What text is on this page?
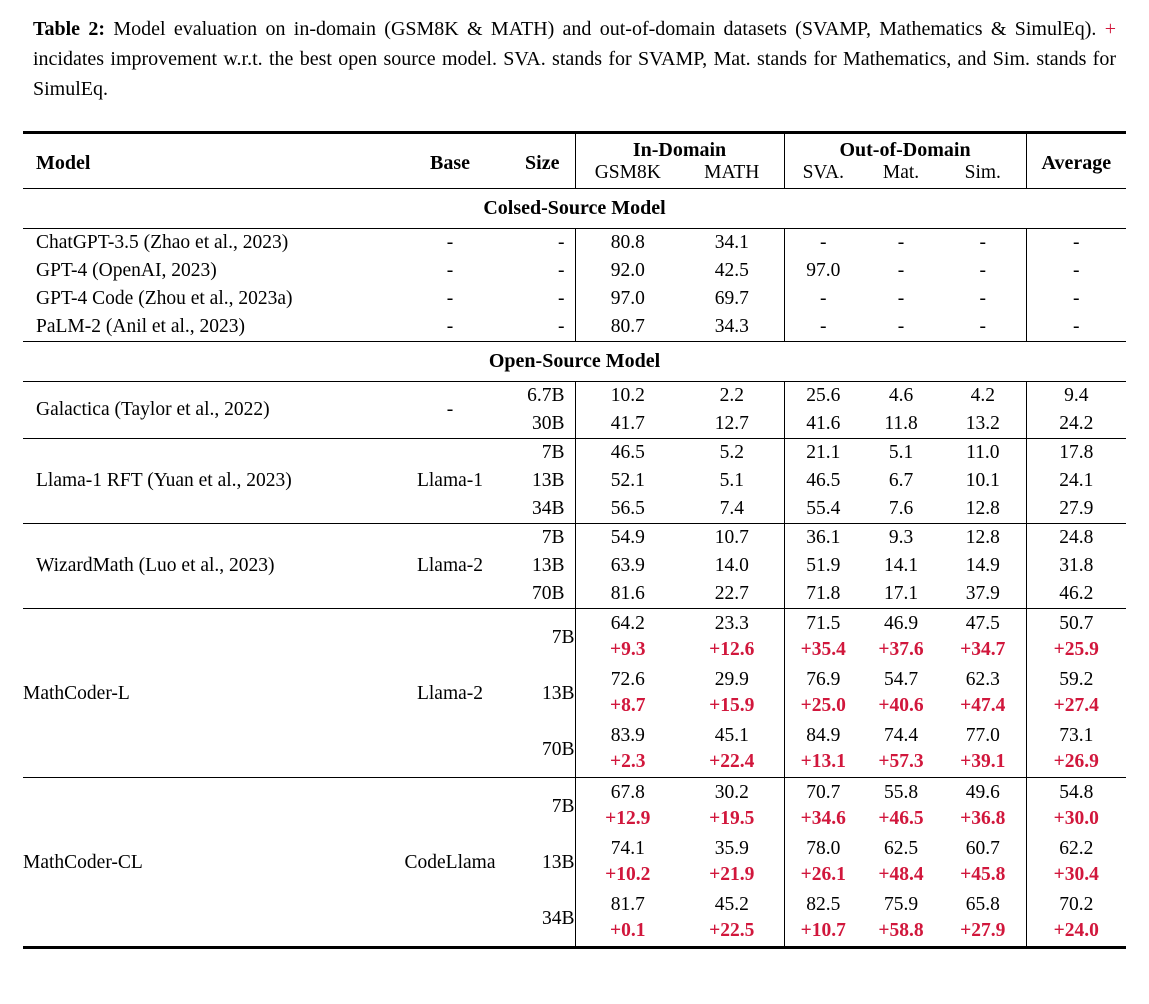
Table 2: Model evaluation on in-domain (GSM8K & MATH) and out-of-domain datasets (SVAMP, Mathematics & SimulEq). + incidates improvement w.r.t. the best open source model. SVA. stands for SVAMP, Mat. stands for Mathematics, and Sim. stands for SimulEq.

Model	Base	Size	In-Domain		Out-of-Domain			Average
			GSM8K	MATH	SVA.	Mat.	Sim.	
Colsed-Source Model								
ChatGPT-3.5 (Zhao et al., 2023)	-	-	80.8	34.1	-	-	-	-
GPT-4 (OpenAI, 2023)	-	-	92.0	42.5	97.0	-	-	-
GPT-4 Code (Zhou et al., 2023a)	-	-	97.0	69.7	-	-	-	-
PaLM-2 (Anil et al., 2023)	-	-	80.7	34.3	-	-	-	-
Open-Source Model								
Galactica (Taylor et al., 2022)	-	6.7B	10.2	2.2	25.6	4.6	4.2	9.4
		30B	41.7	12.7	41.6	11.8	13.2	24.2
Llama-1 RFT (Yuan et al., 2023)	Llama-1	7B	46.5	5.2	21.1	5.1	11.0	17.8
		13B	52.1	5.1	46.5	6.7	10.1	24.1
		34B	56.5	7.4	55.4	7.6	12.8	27.9
WizardMath (Luo et al., 2023)	Llama-2	7B	54.9	10.7	36.1	9.3	12.8	24.8
		13B	63.9	14.0	51.9	14.1	14.9	31.8
		70B	81.6	22.7	71.8	17.1	37.9	46.2
MathCoder-L	Llama-2	7B	64.2	23.3	71.5	46.9	47.5	50.7
			+9.3	+12.6	+35.4	+37.6	+34.7	+25.9
		13B	72.6	29.9	76.9	54.7	62.3	59.2
			+8.7	+15.9	+25.0	+40.6	+47.4	+27.4
		70B	83.9	45.1	84.9	74.4	77.0	73.1
			+2.3	+22.4	+13.1	+57.3	+39.1	+26.9
MathCoder-CL	CodeLlama	7B	67.8	30.2	70.7	55.8	49.6	54.8
			+12.9	+19.5	+34.6	+46.5	+36.8	+30.0
		13B	74.1	35.9	78.0	62.5	60.7	62.2
			+10.2	+21.9	+26.1	+48.4	+45.8	+30.4
		34B	81.7	45.2	82.5	75.9	65.8	70.2
			+0.1	+22.5	+10.7	+58.8	+27.9	+24.0
